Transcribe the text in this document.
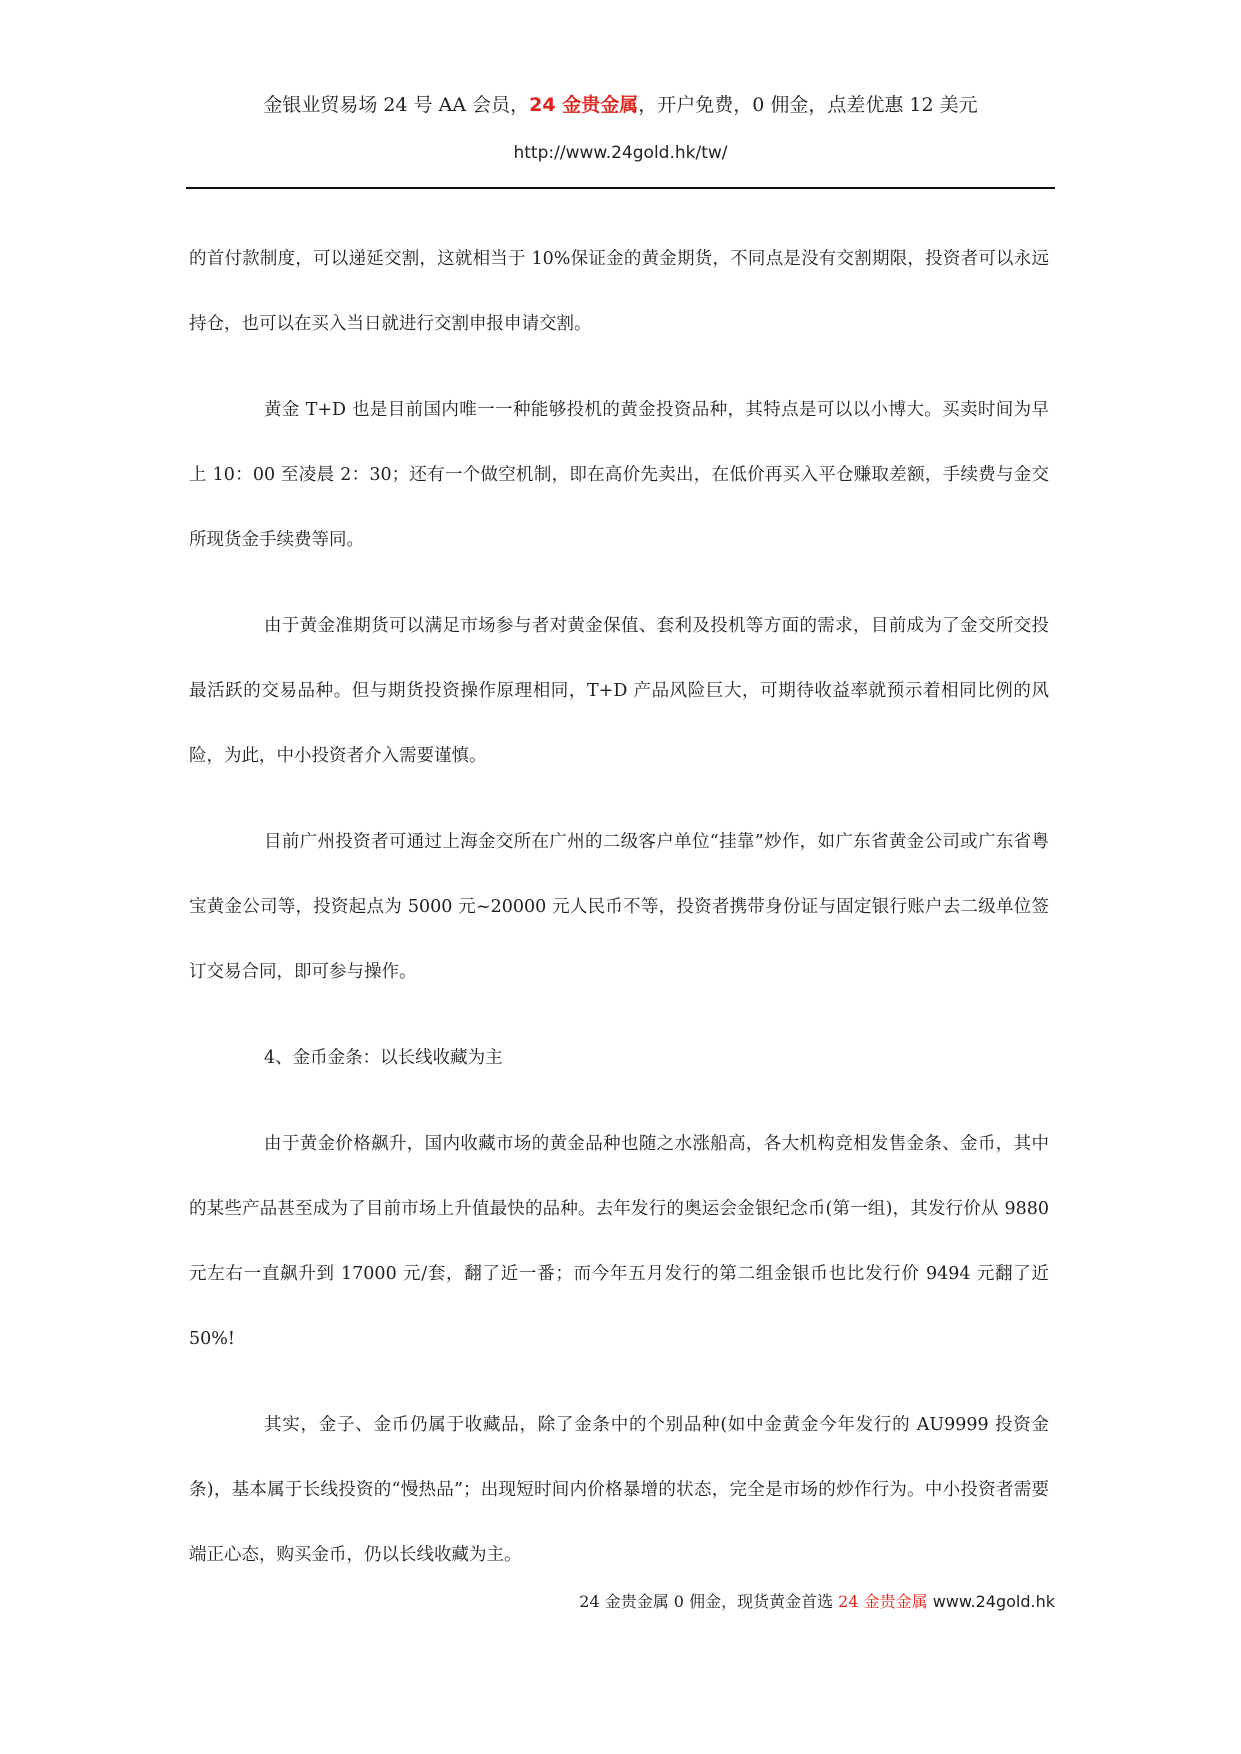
金银业贸易场 24 号 AA 会员，24 金贵金属，开户免费，0 佣金，点差优惠 12 美元
http://www.24gold.hk/tw/

的首付款制度，可以递延交割，这就相当于 10%保证金的黄金期货，不同点是没有交割期限，投资者可以永远持仓，也可以在买入当日就进行交割申报申请交割。

黄金 T+D 也是目前国内唯一一种能够投机的黄金投资品种，其特点是可以以小博大。买卖时间为早上 10：00 至凌晨 2：30；还有一个做空机制，即在高价先卖出，在低价再买入平仓赚取差额，手续费与金交所现货金手续费等同。

由于黄金准期货可以满足市场参与者对黄金保值、套利及投机等方面的需求，目前成为了金交所交投最活跃的交易品种。但与期货投资操作原理相同，T+D 产品风险巨大，可期待收益率就预示着相同比例的风险，为此，中小投资者介入需要谨慎。

目前广州投资者可通过上海金交所在广州的二级客户单位“挂靠”炒作，如广东省黄金公司或广东省粤宝黄金公司等，投资起点为 5000 元~20000 元人民币不等，投资者携带身份证与固定银行账户去二级单位签订交易合同，即可参与操作。

4、金币金条：以长线收藏为主

由于黄金价格飙升，国内收藏市场的黄金品种也随之水涨船高，各大机构竞相发售金条、金币，其中的某些产品甚至成为了目前市场上升值最快的品种。去年发行的奥运会金银纪念币(第一组)，其发行价从 9880 元左右一直飙升到 17000 元/套，翻了近一番；而今年五月发行的第二组金银币也比发行价 9494 元翻了近 50%!

其实，金子、金币仍属于收藏品，除了金条中的个别品种(如中金黄金今年发行的 AU9999 投资金条)，基本属于长线投资的“慢热品”；出现短时间内价格暴增的状态，完全是市场的炒作行为。中小投资者需要端正心态，购买金币，仍以长线收藏为主。

24 金贵金属 0 佣金，现货黄金首选 24 金贵金属 www.24gold.hk
